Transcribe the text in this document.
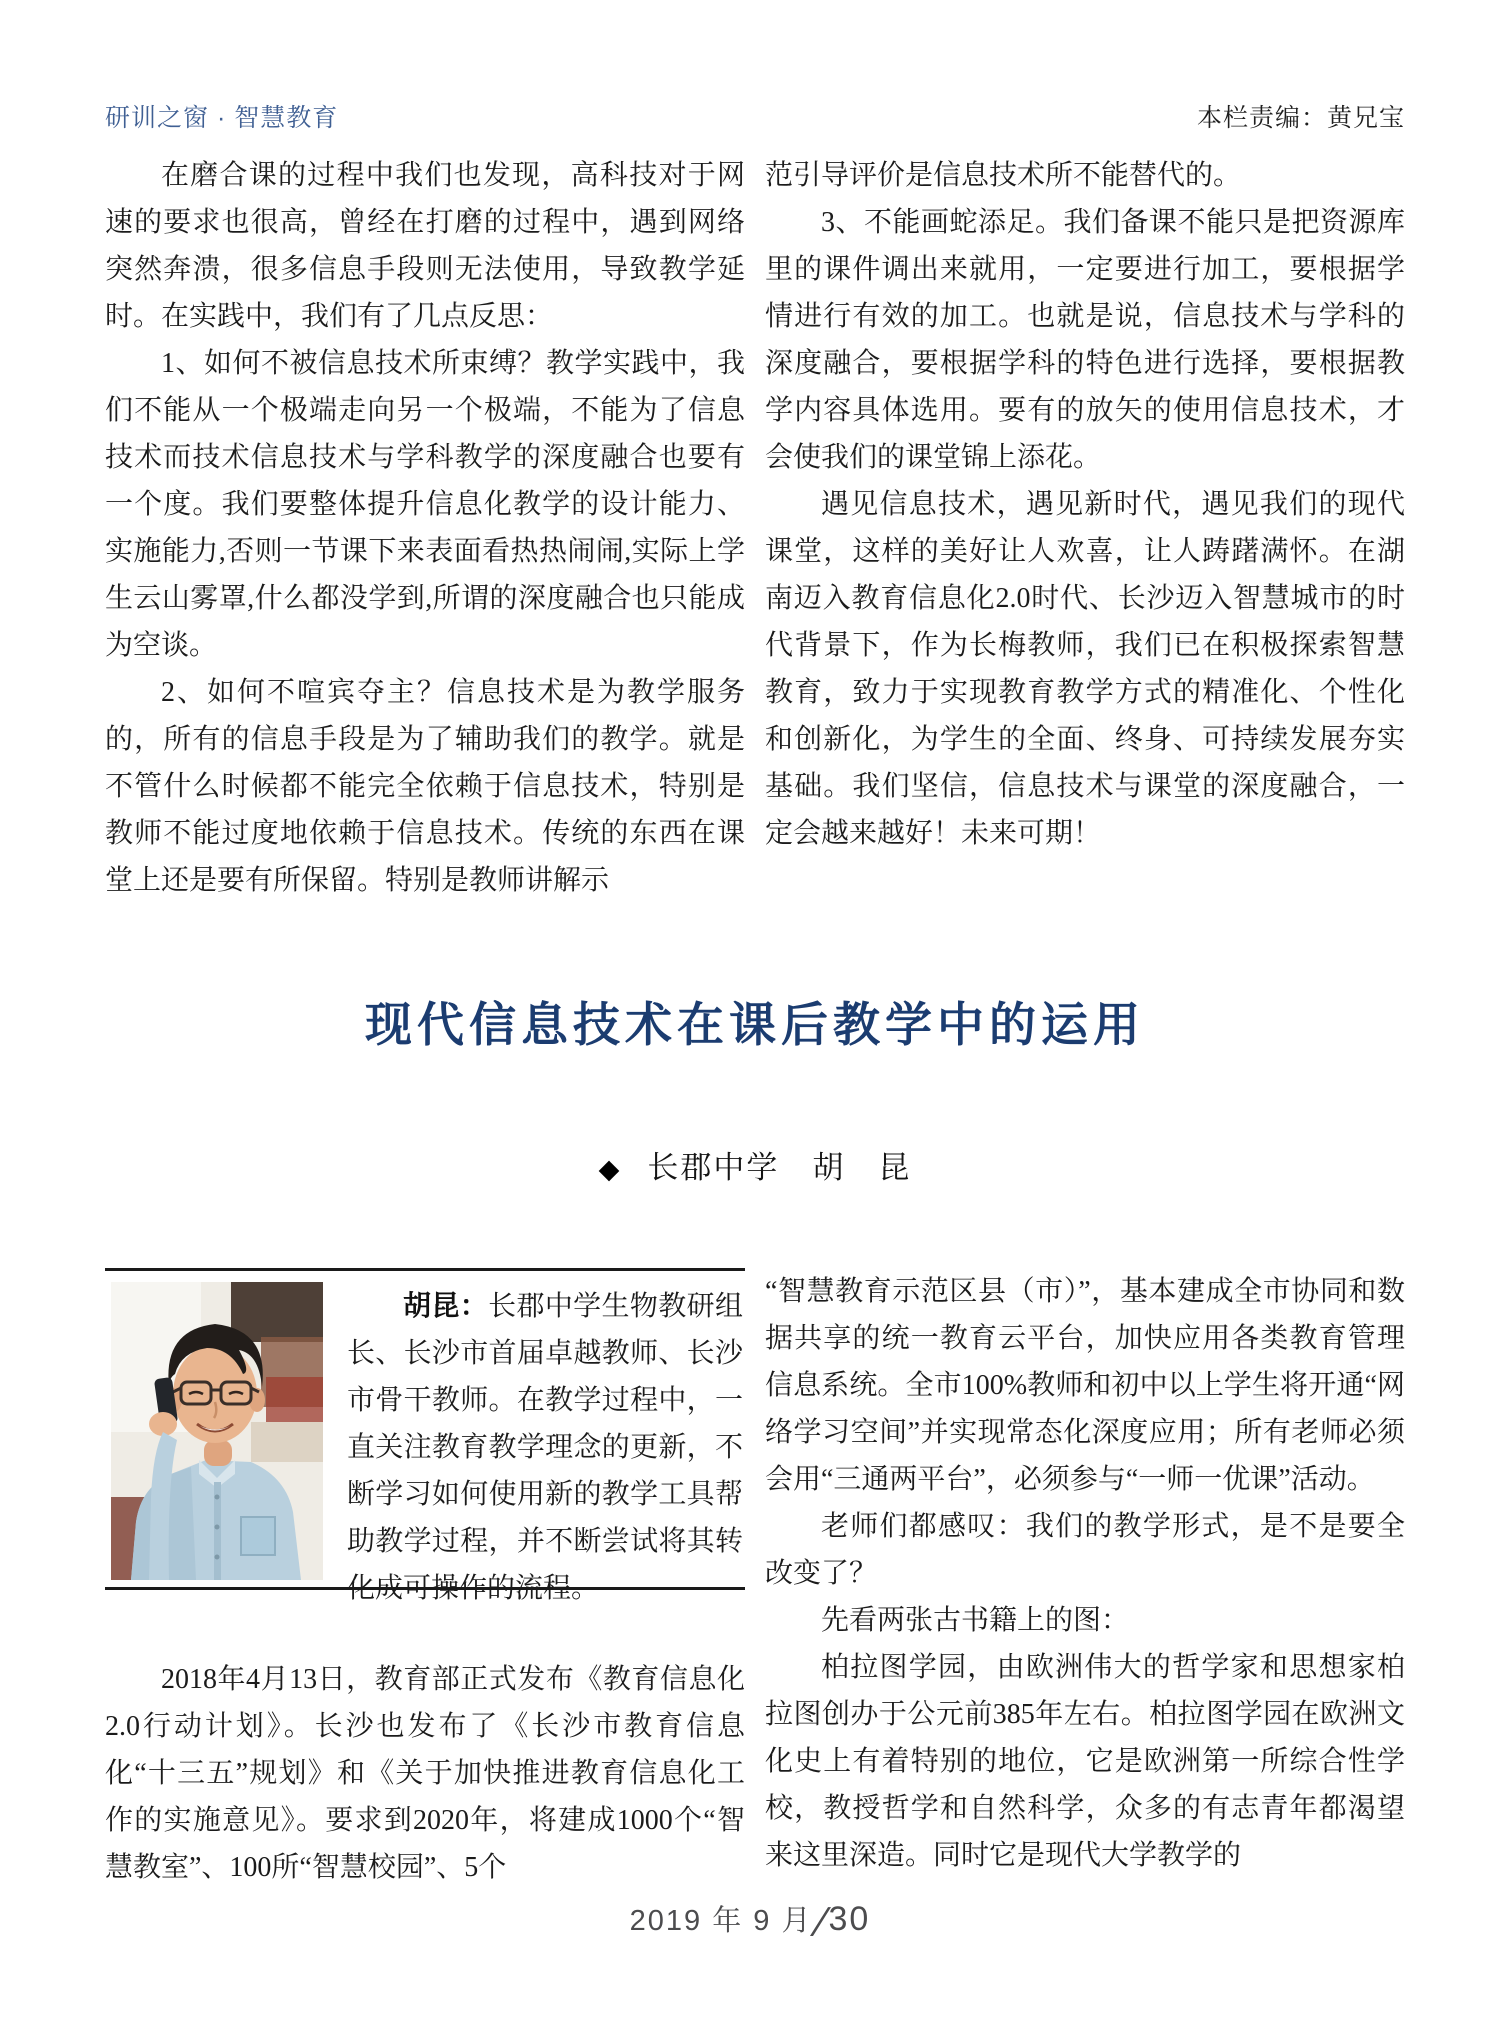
研训之窗 · 智慧教育	本栏责编：黄兄宝

在磨合课的过程中我们也发现，高科技对于网速的要求也很高，曾经在打磨的过程中，遇到网络突然奔溃，很多信息手段则无法使用，导致教学延时。在实践中，我们有了几点反思：

1、如何不被信息技术所束缚？教学实践中，我们不能从一个极端走向另一个极端，不能为了信息技术而技术信息技术与学科教学的深度融合也要有一个度。我们要整体提升信息化教学的设计能力、实施能力,否则一节课下来表面看热热闹闹,实际上学生云山雾罩,什么都没学到,所谓的深度融合也只能成为空谈。

2、如何不喧宾夺主？信息技术是为教学服务的，所有的信息手段是为了辅助我们的教学。就是不管什么时候都不能完全依赖于信息技术，特别是教师不能过度地依赖于信息技术。传统的东西在课堂上还是要有所保留。特别是教师讲解示

范引导评价是信息技术所不能替代的。

3、不能画蛇添足。我们备课不能只是把资源库里的课件调出来就用，一定要进行加工，要根据学情进行有效的加工。也就是说，信息技术与学科的深度融合，要根据学科的特色进行选择，要根据教学内容具体选用。要有的放矢的使用信息技术，才会使我们的课堂锦上添花。

遇见信息技术，遇见新时代，遇见我们的现代课堂，这样的美好让人欢喜，让人踌躇满怀。在湖南迈入教育信息化2.0时代、长沙迈入智慧城市的时代背景下，作为长梅教师，我们已在积极探索智慧教育，致力于实现教育教学方式的精准化、个性化和创新化，为学生的全面、终身、可持续发展夯实基础。我们坚信，信息技术与课堂的深度融合，一定会越来越好！未来可期！

现代信息技术在课后教学中的运用
◆ 长郡中学　胡　昆

胡昆：长郡中学生物教研组长、长沙市首届卓越教师、长沙市骨干教师。在教学过程中，一直关注教育教学理念的更新，不断学习如何使用新的教学工具帮助教学过程，并不断尝试将其转化成可操作的流程。

2018年4月13日，教育部正式发布《教育信息化2.0行动计划》。长沙也发布了《长沙市教育信息化“十三五”规划》和《关于加快推进教育信息化工作的实施意见》。要求到2020年，将建成1000个“智慧教室”、100所“智慧校园”、5个

“智慧教育示范区县（市）”，基本建成全市协同和数据共享的统一教育云平台，加快应用各类教育管理信息系统。全市100%教师和初中以上学生将开通“网络学习空间”并实现常态化深度应用；所有老师必须会用“三通两平台”，必须参与“一师一优课”活动。

老师们都感叹：我们的教学形式，是不是要全改变了？

先看两张古书籍上的图：

柏拉图学园，由欧洲伟大的哲学家和思想家柏拉图创办于公元前385年左右。柏拉图学园在欧洲文化史上有着特别的地位，它是欧洲第一所综合性学校，教授哲学和自然科学，众多的有志青年都渴望来这里深造。同时它是现代大学教学的

2019 年 9 月 ∕30
